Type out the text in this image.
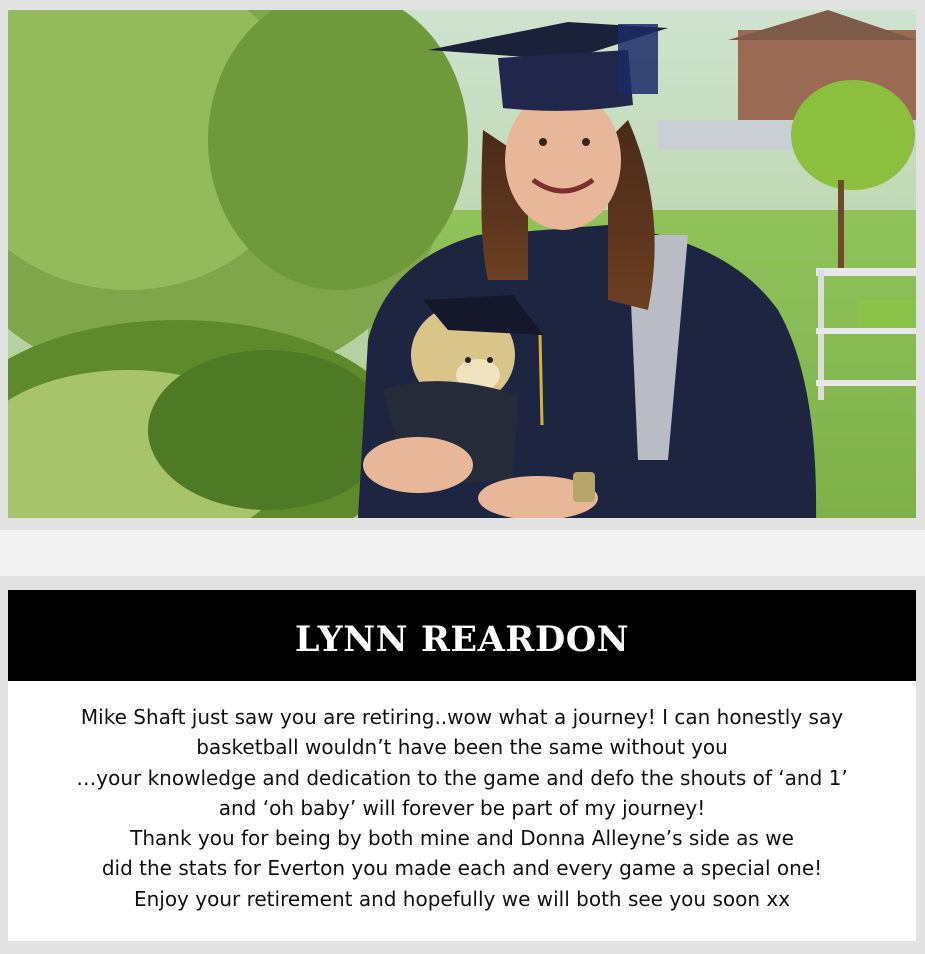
LYNN REARDON
Mike Shaft just saw you are retiring..wow what a journey! I can honestly say
basketball wouldn’t have been the same without you
…your knowledge and dedication to the game and defo the shouts of ‘and 1’
and ‘oh baby’ will forever be part of my journey!
Thank you for being by both mine and Donna Alleyne’s side as we
did the stats for Everton you made each and every game a special one!
Enjoy your retirement and hopefully we will both see you soon xx
